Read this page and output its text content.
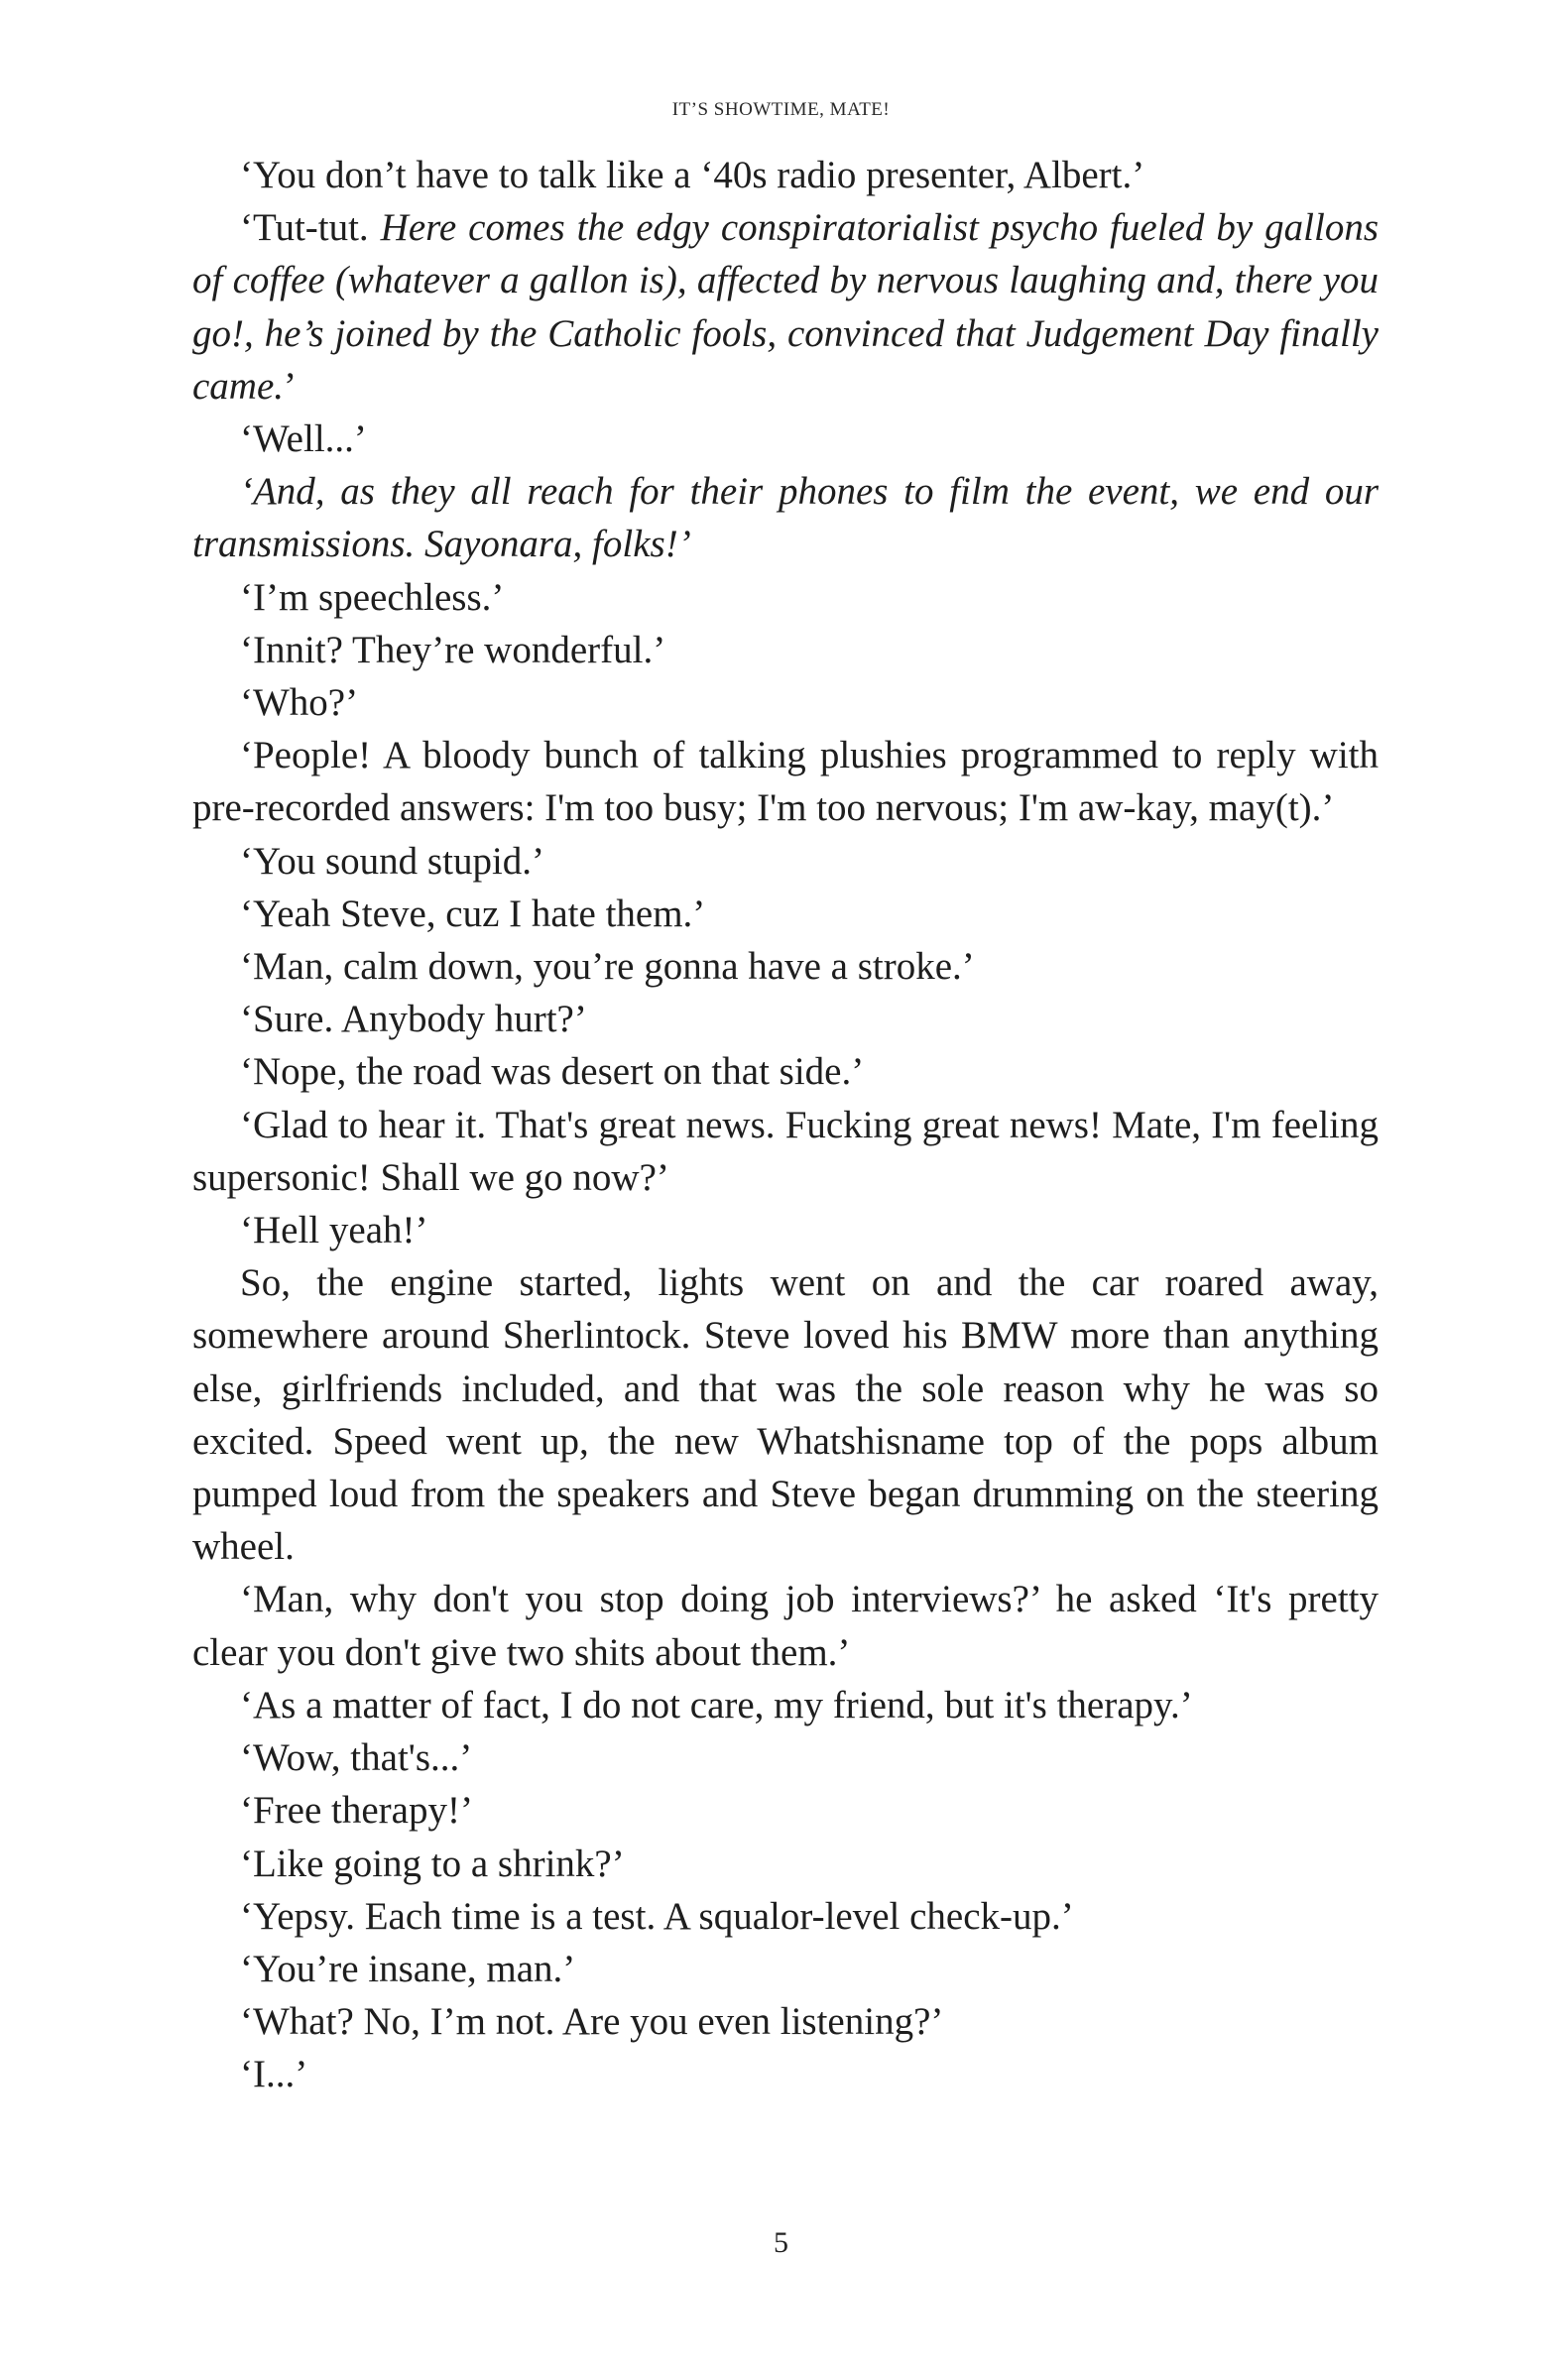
IT’S SHOWTIME, MATE!

‘You don’t have to talk like a ‘40s radio presenter, Albert.’

‘Tut-tut. Here comes the edgy conspiratorialist psycho fueled by gallons of coffee (whatever a gallon is), affected by nervous laughing and, there you go!, he’s joined by the Catholic fools, convinced that Judgement Day finally came.’

‘Well...’

‘And, as they all reach for their phones to film the event, we end our transmissions. Sayonara, folks!’

‘I’m speechless.’

‘Innit? They’re wonderful.’

‘Who?’

‘People! A bloody bunch of talking plushies programmed to reply with pre-recorded answers: I'm too busy; I'm too nervous; I'm aw-kay, may(t).’

‘You sound stupid.’

‘Yeah Steve, cuz I hate them.’

‘Man, calm down, you’re gonna have a stroke.’

‘Sure. Anybody hurt?’

‘Nope, the road was desert on that side.’

‘Glad to hear it. That's great news. Fucking great news! Mate, I'm feeling supersonic! Shall we go now?’

‘Hell yeah!’

So, the engine started, lights went on and the car roared away, somewhere around Sherlintock. Steve loved his BMW more than anything else, girlfriends included, and that was the sole reason why he was so excited. Speed went up, the new Whatshisname top of the pops album pumped loud from the speakers and Steve began drumming on the steering wheel.

‘Man, why don't you stop doing job interviews?’ he asked ‘It's pretty clear you don't give two shits about them.’

‘As a matter of fact, I do not care, my friend, but it's therapy.’

‘Wow, that's...’

‘Free therapy!’

‘Like going to a shrink?’

‘Yepsy. Each time is a test. A squalor-level check-up.’

‘You’re insane, man.’

‘What? No, I’m not. Are you even listening?’

‘I...’

5
